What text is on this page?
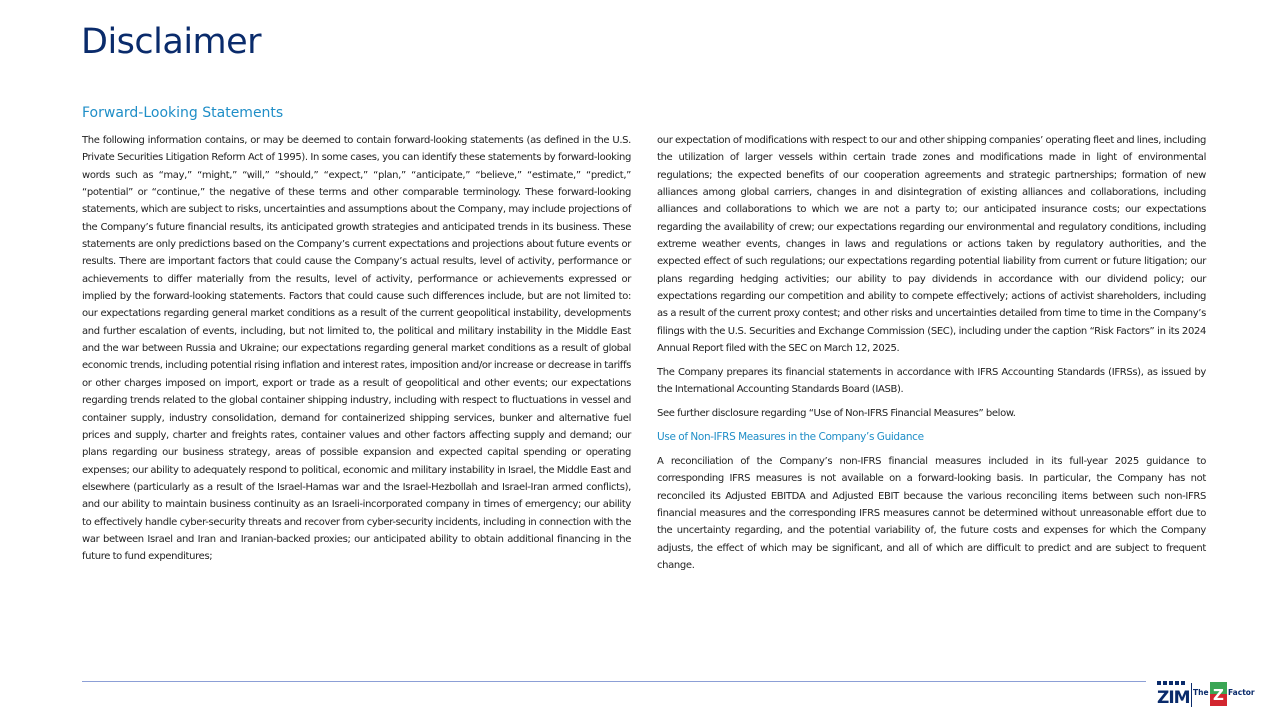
Disclaimer
Forward-Looking Statements

The following information contains, or may be deemed to contain forward-looking statements (as defined in the U.S. Private Securities Litigation Reform Act of 1995). In some cases, you can identify these statements by forward-looking words such as “may,” “might,” “will,” “should,” “expect,” “plan,” “anticipate,” “believe,” “estimate,” “predict,” “potential” or “continue,” the negative of these terms and other comparable terminology. These forward-looking statements, which are subject to risks, uncertainties and assumptions about the Company, may include projections of the Company’s future financial results, its anticipated growth strategies and anticipated trends in its business. These statements are only predictions based on the Company’s current expectations and projections about future events or results. There are important factors that could cause the Company’s actual results, level of activity, performance or achievements to differ materially from the results, level of activity, performance or achievements expressed or implied by the forward-looking statements. Factors that could cause such differences include, but are not limited to: our expectations regarding general market conditions as a result of the current geopolitical instability, developments and further escalation of events, including, but not limited to, the political and military instability in the Middle East and the war between Russia and Ukraine; our expectations regarding general market conditions as a result of global economic trends, including potential rising inflation and interest rates, imposition and/or increase or decrease in tariffs or other charges imposed on import, export or trade as a result of geopolitical and other events; our expectations regarding trends related to the global container shipping industry, including with respect to fluctuations in vessel and container supply, industry consolidation, demand for containerized shipping services, bunker and alternative fuel prices and supply, charter and freights rates, container values and other factors affecting supply and demand; our plans regarding our business strategy, areas of possible expansion and expected capital spending or operating expenses; our ability to adequately respond to political, economic and military instability in Israel, the Middle East and elsewhere (particularly as a result of the Israel-Hamas war and the Israel-Hezbollah and Israel-Iran armed conflicts), and our ability to maintain business continuity as an Israeli-incorporated company in times of emergency; our ability to effectively handle cyber-security threats and recover from cyber-security incidents, including in connection with the war between Israel and Iran and Iranian-backed proxies; our anticipated ability to obtain additional financing in the future to fund expenditures;

our expectation of modifications with respect to our and other shipping companies’ operating fleet and lines, including the utilization of larger vessels within certain trade zones and modifications made in light of environmental regulations; the expected benefits of our cooperation agreements and strategic partnerships; formation of new alliances among global carriers, changes in and disintegration of existing alliances and collaborations, including alliances and collaborations to which we are not a party to; our anticipated insurance costs; our expectations regarding the availability of crew; our expectations regarding our environmental and regulatory conditions, including extreme weather events, changes in laws and regulations or actions taken by regulatory authorities, and the expected effect of such regulations; our expectations regarding potential liability from current or future litigation; our plans regarding hedging activities; our ability to pay dividends in accordance with our dividend policy; our expectations regarding our competition and ability to compete effectively; actions of activist shareholders, including as a result of the current proxy contest; and other risks and uncertainties detailed from time to time in the Company’s filings with the U.S. Securities and Exchange Commission (SEC), including under the caption “Risk Factors” in its 2024 Annual Report filed with the SEC on March 12, 2025.

The Company prepares its financial statements in accordance with IFRS Accounting Standards (IFRSs), as issued by the International Accounting Standards Board (IASB).

See further disclosure regarding “Use of Non-IFRS Financial Measures” below.

Use of Non-IFRS Measures in the Company’s Guidance

A reconciliation of the Company’s non-IFRS financial measures included in its full-year 2025 guidance to corresponding IFRS measures is not available on a forward-looking basis. In particular, the Company has not reconciled its Adjusted EBITDA and Adjusted EBIT because the various reconciling items between such non-IFRS financial measures and the corresponding IFRS measures cannot be determined without unreasonable effort due to the uncertainty regarding, and the potential variability of, the future costs and expenses for which the Company adjusts, the effect of which may be significant, and all of which are difficult to predict and are subject to frequent change.

ZIM The Z Factor
